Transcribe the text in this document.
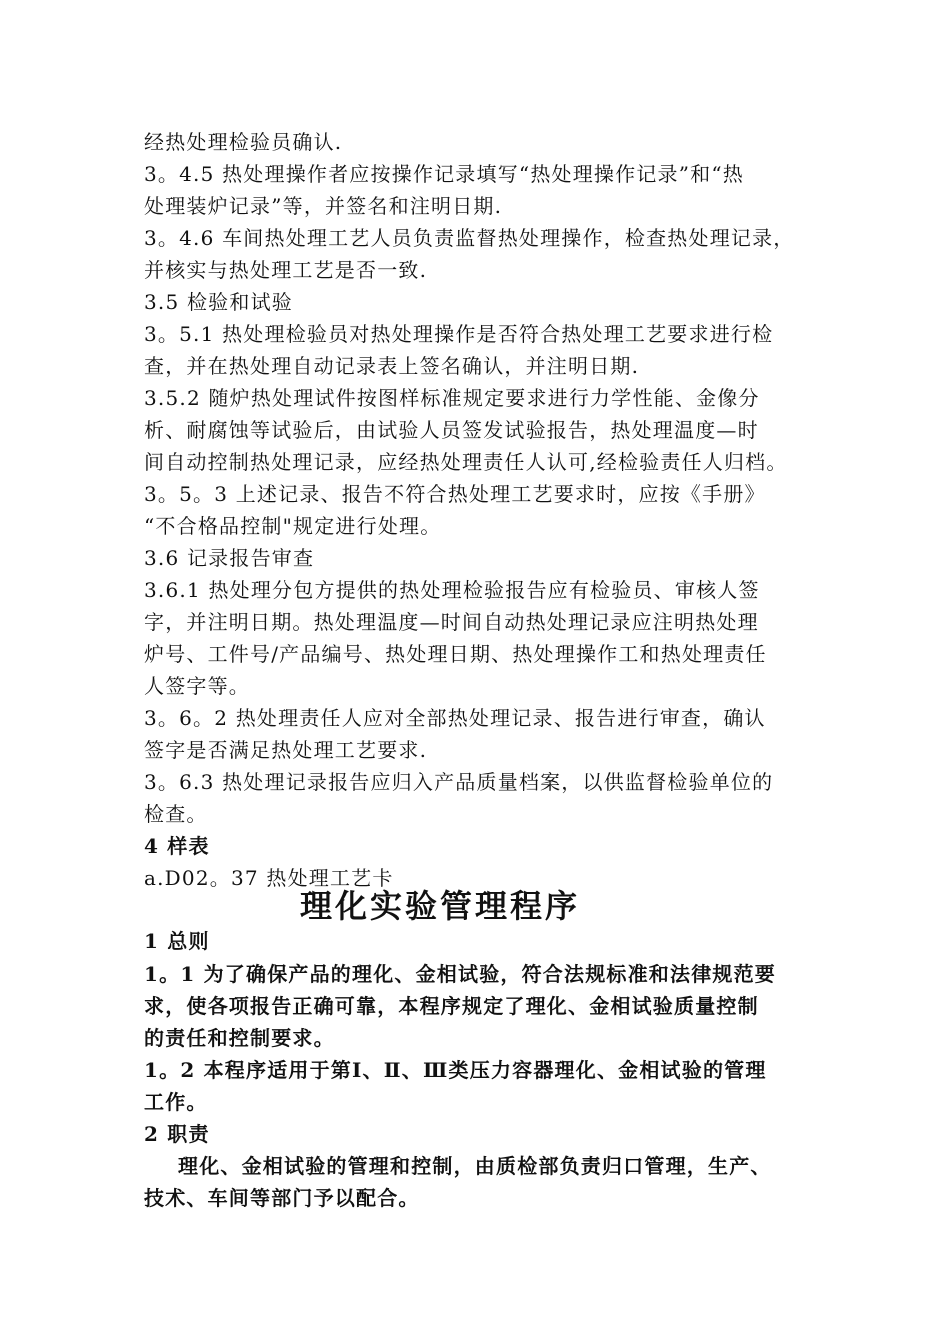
经热处理检验员确认.
3。4.5 热处理操作者应按操作记录填写“热处理操作记录”和“热
处理装炉记录”等，并签名和注明日期.
3。4.6 车间热处理工艺人员负责监督热处理操作，检查热处理记录，
并核实与热处理工艺是否一致.
3.5 检验和试验
3。5.1 热处理检验员对热处理操作是否符合热处理工艺要求进行检
查，并在热处理自动记录表上签名确认，并注明日期.
3.5.2 随炉热处理试件按图样标准规定要求进行力学性能、金像分
析、耐腐蚀等试验后，由试验人员签发试验报告，热处理温度—时
间自动控制热处理记录，应经热处理责任人认可,经检验责任人归档。
3。5。3 上述记录、报告不符合热处理工艺要求时，应按《手册》
“不合格品控制"规定进行处理。
3.6 记录报告审查
3.6.1 热处理分包方提供的热处理检验报告应有检验员、审核人签
字，并注明日期。热处理温度—时间自动热处理记录应注明热处理
炉号、工件号/产品编号、热处理日期、热处理操作工和热处理责任
人签字等。
3。6。2 热处理责任人应对全部热处理记录、报告进行审查，确认
签字是否满足热处理工艺要求.
3。6.3 热处理记录报告应归入产品质量档案，以供监督检验单位的
检查。
4 样表
a.D02。37 热处理工艺卡
理化实验管理程序
1 总则
1。1 为了确保产品的理化、金相试验，符合法规标准和法律规范要
求，使各项报告正确可靠，本程序规定了理化、金相试验质量控制
的责任和控制要求。
1。2 本程序适用于第Ⅰ、Ⅱ、Ⅲ类压力容器理化、金相试验的管理
工作。
2 职责
理化、金相试验的管理和控制，由质检部负责归口管理，生产、
技术、车间等部门予以配合。
